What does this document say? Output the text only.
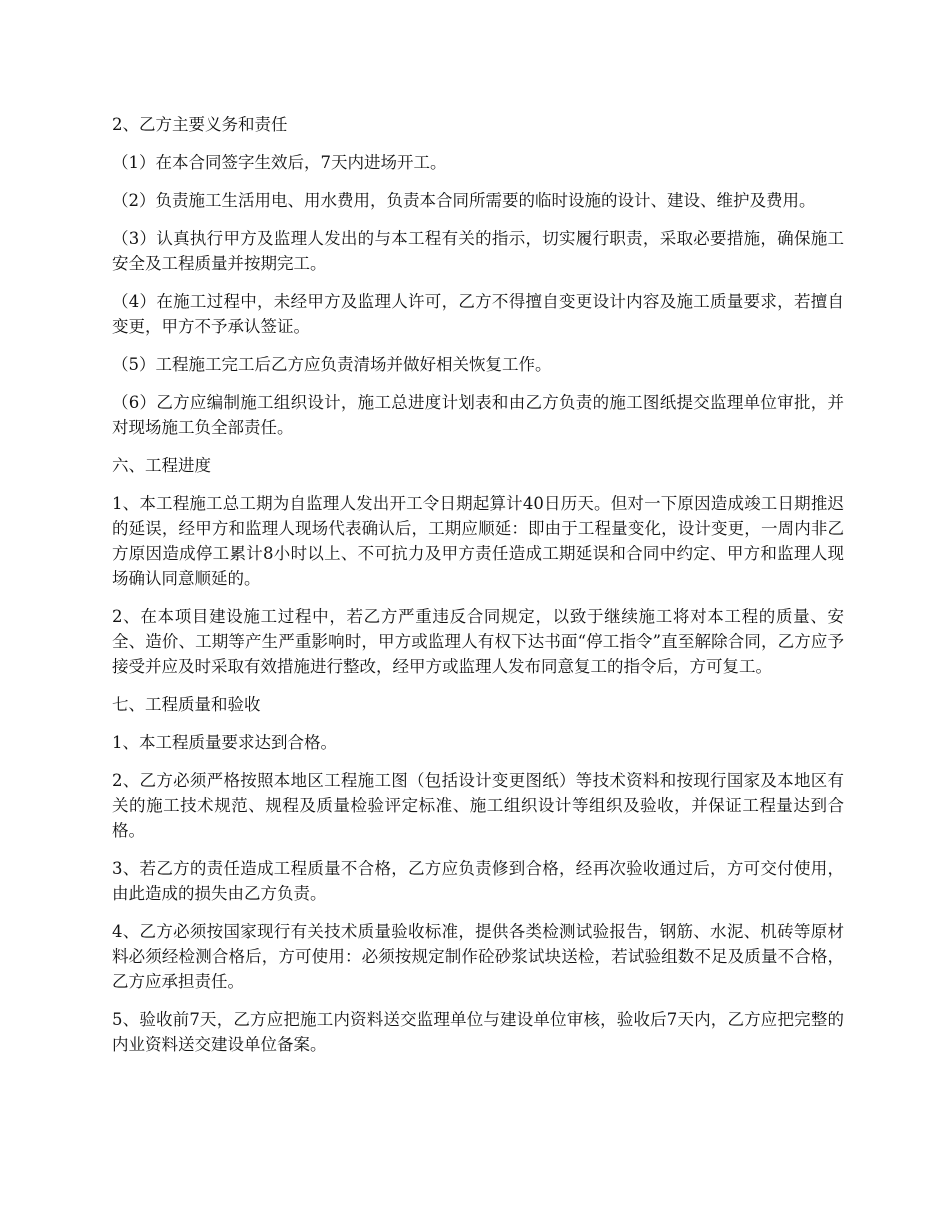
2、乙方主要义务和责任

（1）在本合同签字生效后，7天内进场开工。

（2）负责施工生活用电、用水费用，负责本合同所需要的临时设施的设计、建设、维护及费用。

（3）认真执行甲方及监理人发出的与本工程有关的指示，切实履行职责，采取必要措施，确保施工安全及工程质量并按期完工。

（4）在施工过程中，未经甲方及监理人许可，乙方不得擅自变更设计内容及施工质量要求，若擅自变更，甲方不予承认签证。

（5）工程施工完工后乙方应负责清场并做好相关恢复工作。

（6）乙方应编制施工组织设计，施工总进度计划表和由乙方负责的施工图纸提交监理单位审批，并对现场施工负全部责任。

六、工程进度

1、本工程施工总工期为自监理人发出开工令日期起算计40日历天。但对一下原因造成竣工日期推迟的延误，经甲方和监理人现场代表确认后，工期应顺延：即由于工程量变化，设计变更，一周内非乙方原因造成停工累计8小时以上、不可抗力及甲方责任造成工期延误和合同中约定、甲方和监理人现场确认同意顺延的。

2、在本项目建设施工过程中，若乙方严重违反合同规定，以致于继续施工将对本工程的质量、安全、造价、工期等产生严重影响时，甲方或监理人有权下达书面“停工指令”直至解除合同，乙方应予接受并应及时采取有效措施进行整改，经甲方或监理人发布同意复工的指令后，方可复工。

七、工程质量和验收

1、本工程质量要求达到合格。

2、乙方必须严格按照本地区工程施工图（包括设计变更图纸）等技术资料和按现行国家及本地区有关的施工技术规范、规程及质量检验评定标准、施工组织设计等组织及验收，并保证工程量达到合格。

3、若乙方的责任造成工程质量不合格，乙方应负责修到合格，经再次验收通过后，方可交付使用，由此造成的损失由乙方负责。

4、乙方必须按国家现行有关技术质量验收标准，提供各类检测试验报告，钢筋、水泥、机砖等原材料必须经检测合格后，方可使用：必须按规定制作砼砂浆试块送检，若试验组数不足及质量不合格，乙方应承担责任。

5、验收前7天，乙方应把施工内资料送交监理单位与建设单位审核，验收后7天内，乙方应把完整的内业资料送交建设单位备案。
